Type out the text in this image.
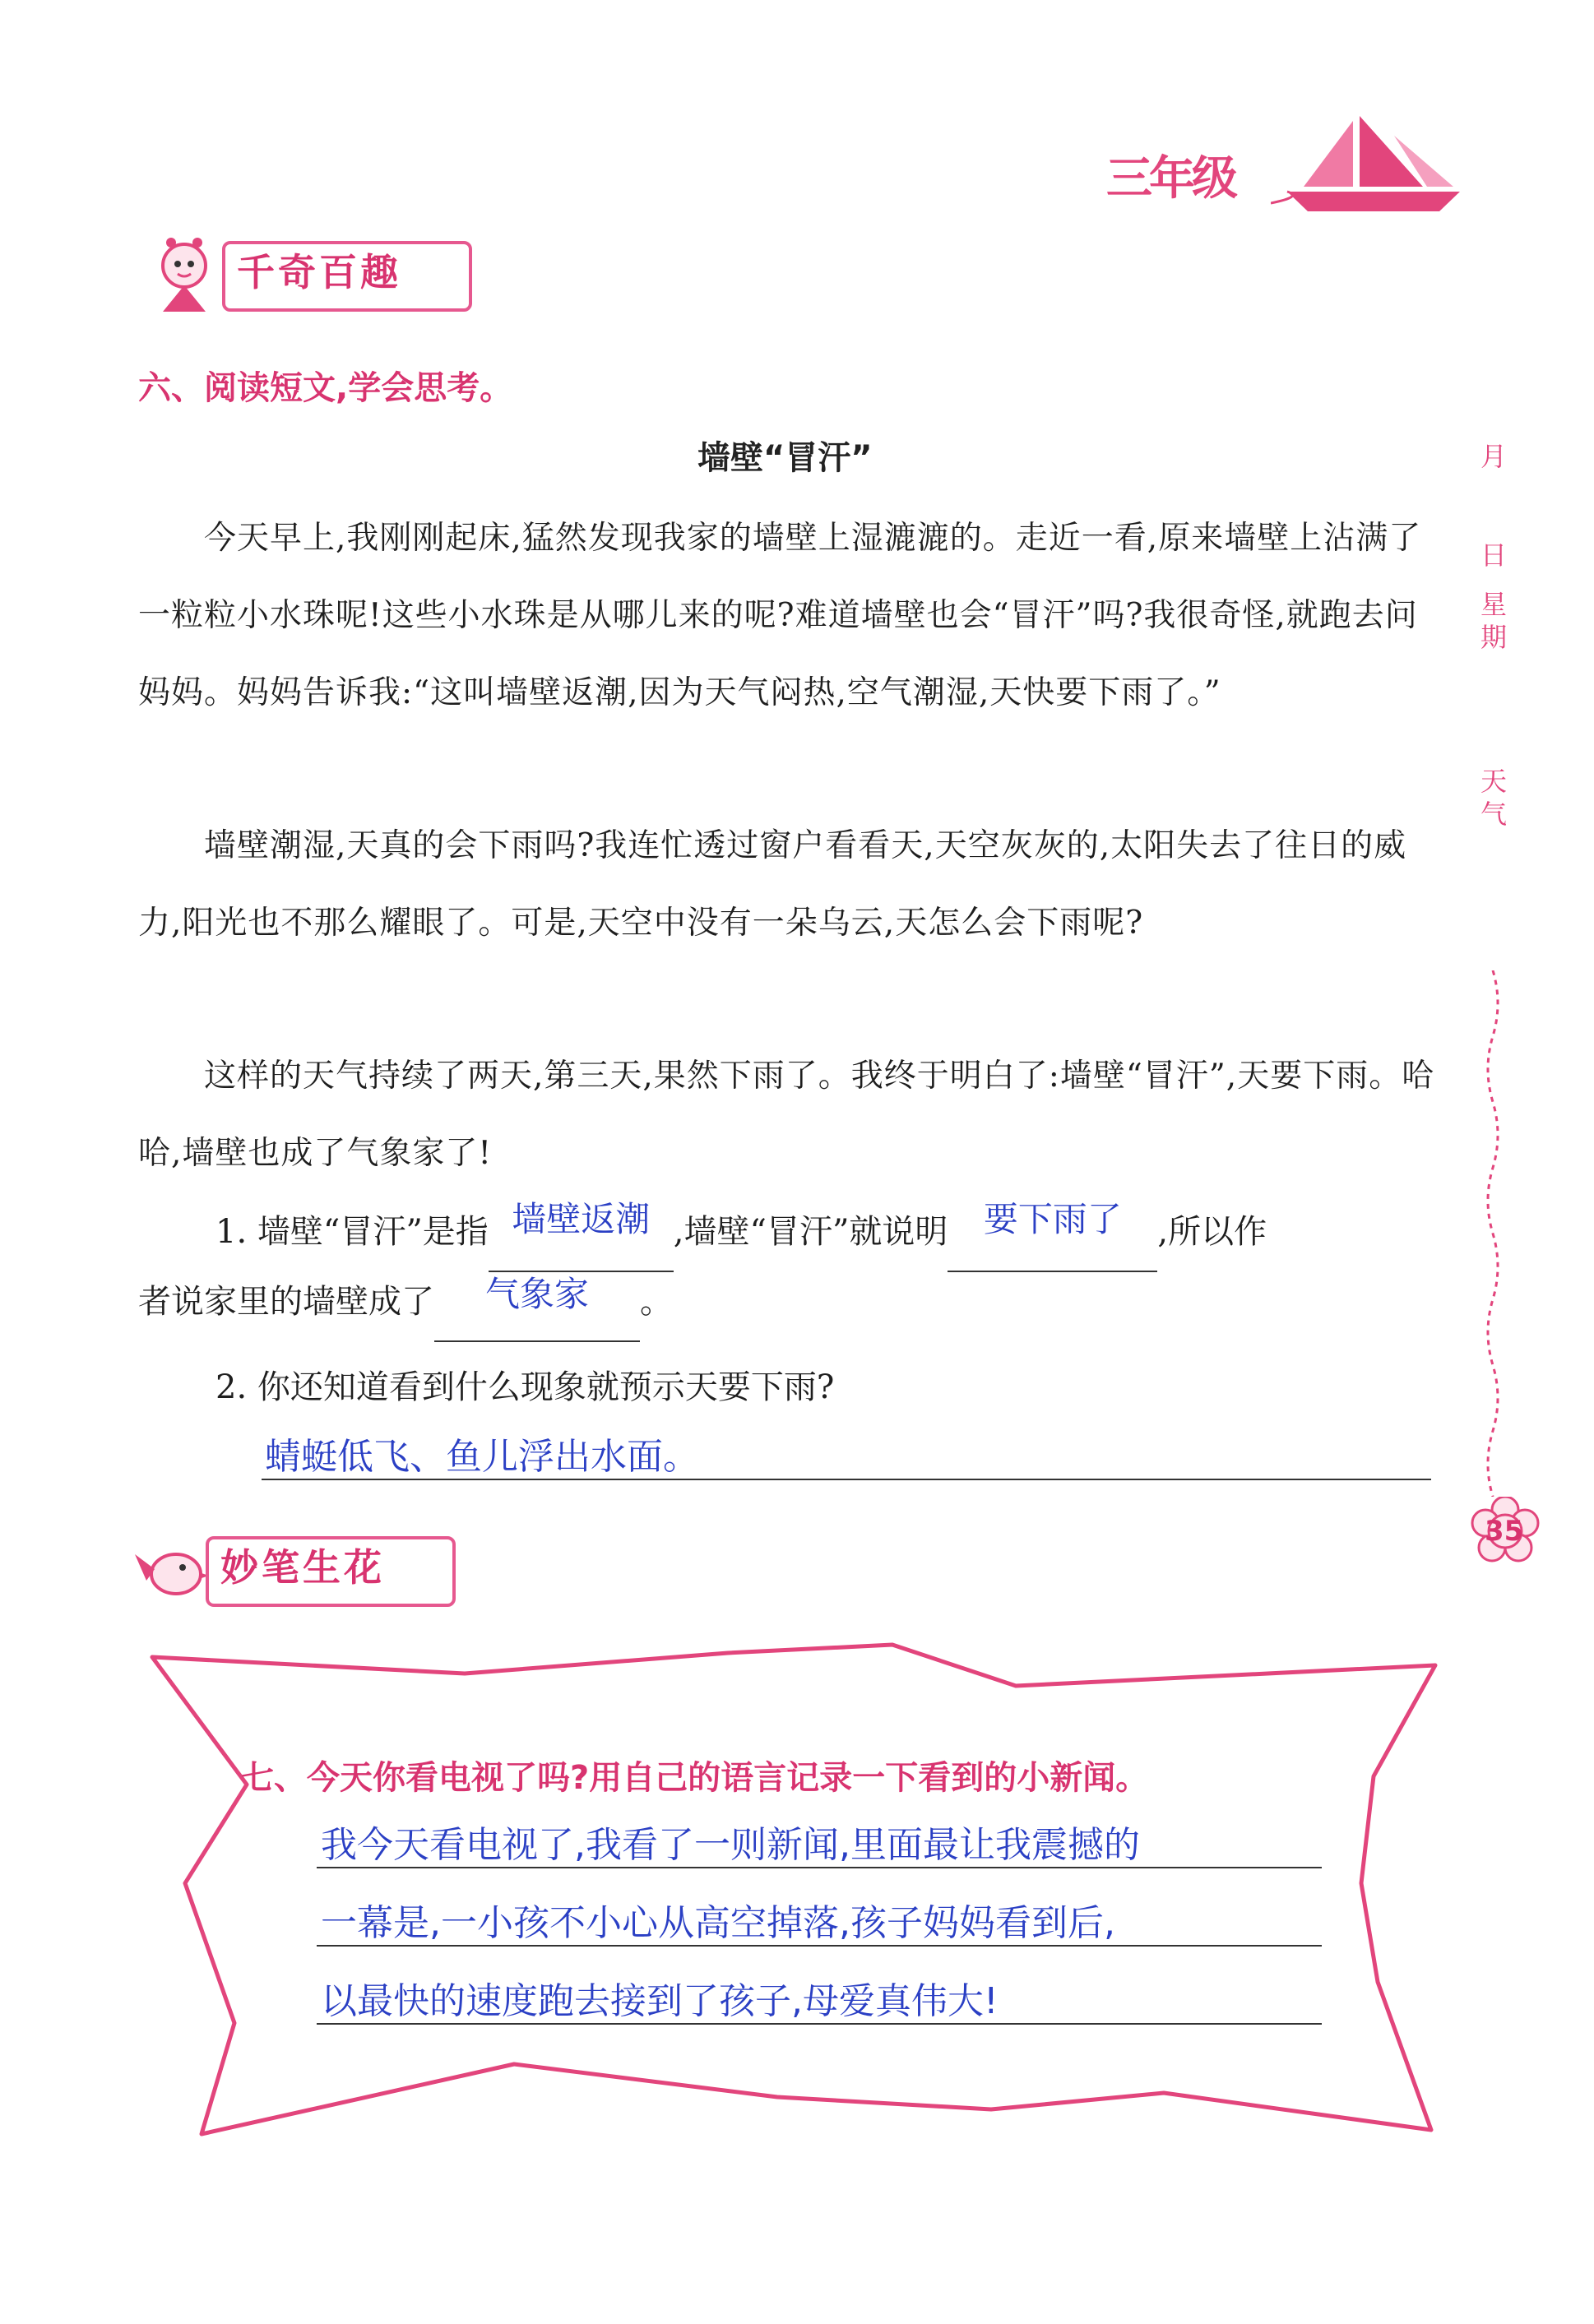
三年级
千奇百趣
六、阅读短文,学会思考。
墙壁“冒汗”
今天早上,我刚刚起床,猛然发现我家的墙壁上湿漉漉的。走近一看,原来墙壁上沾满了一粒粒小水珠呢!这些小水珠是从哪儿来的呢?难道墙壁也会“冒汗”吗?我很奇怪,就跑去问妈妈。妈妈告诉我:“这叫墙壁返潮,因为天气闷热,空气潮湿,天快要下雨了。”
墙壁潮湿,天真的会下雨吗?我连忙透过窗户看看天,天空灰灰的,太阳失去了往日的威力,阳光也不那么耀眼了。可是,天空中没有一朵乌云,天怎么会下雨呢?
这样的天气持续了两天,第三天,果然下雨了。我终于明白了:墙壁“冒汗”,天要下雨。哈哈,墙壁也成了气象家了!
1. 墙壁“冒汗”是指 墙壁返潮 ,墙壁“冒汗”就说明 要下雨了 ,所以作
者说家里的墙壁成了 气象家 。
2. 你还知道看到什么现象就预示天要下雨?
蜻蜓低飞、鱼儿浮出水面。
月
日
星期
天气
35
妙笔生花
七、今天你看电视了吗?用自己的语言记录一下看到的小新闻。
我今天看电视了,我看了一则新闻,里面最让我震撼的
一幕是,一小孩不小心从高空掉落,孩子妈妈看到后,
以最快的速度跑去接到了孩子,母爱真伟大!
